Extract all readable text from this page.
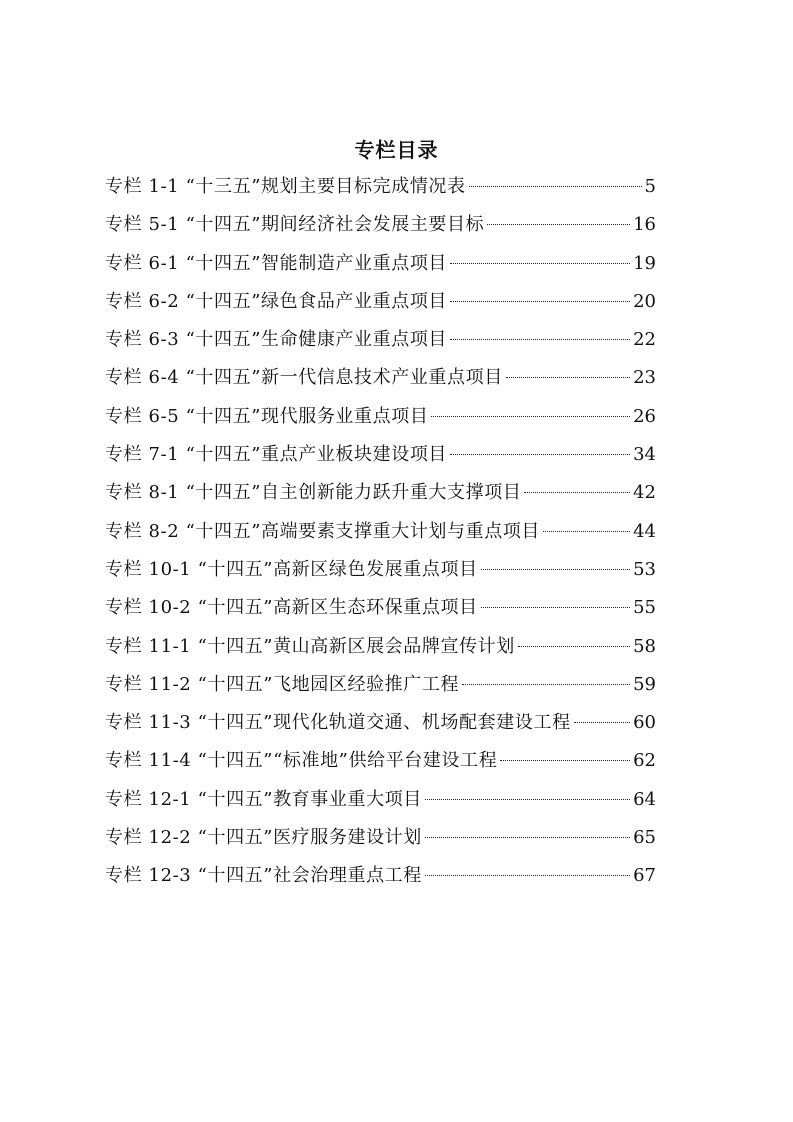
专栏目录
专栏 1-1 “十三五”规划主要目标完成情况表	5
专栏 5-1 “十四五”期间经济社会发展主要目标	16
专栏 6-1 “十四五”智能制造产业重点项目	19
专栏 6-2 “十四五”绿色食品产业重点项目	20
专栏 6-3 “十四五”生命健康产业重点项目	22
专栏 6-4 “十四五”新一代信息技术产业重点项目	23
专栏 6-5 “十四五”现代服务业重点项目	26
专栏 7-1 “十四五”重点产业板块建设项目	34
专栏 8-1 “十四五”自主创新能力跃升重大支撑项目	42
专栏 8-2 “十四五”高端要素支撑重大计划与重点项目	44
专栏 10-1 “十四五”高新区绿色发展重点项目	53
专栏 10-2 “十四五”高新区生态环保重点项目	55
专栏 11-1 “十四五”黄山高新区展会品牌宣传计划	58
专栏 11-2 “十四五”飞地园区经验推广工程	59
专栏 11-3 “十四五”现代化轨道交通、机场配套建设工程	60
专栏 11-4 “十四五”“标准地”供给平台建设工程	62
专栏 12-1 “十四五”教育事业重大项目	64
专栏 12-2 “十四五”医疗服务建设计划	65
专栏 12-3 “十四五”社会治理重点工程	67
